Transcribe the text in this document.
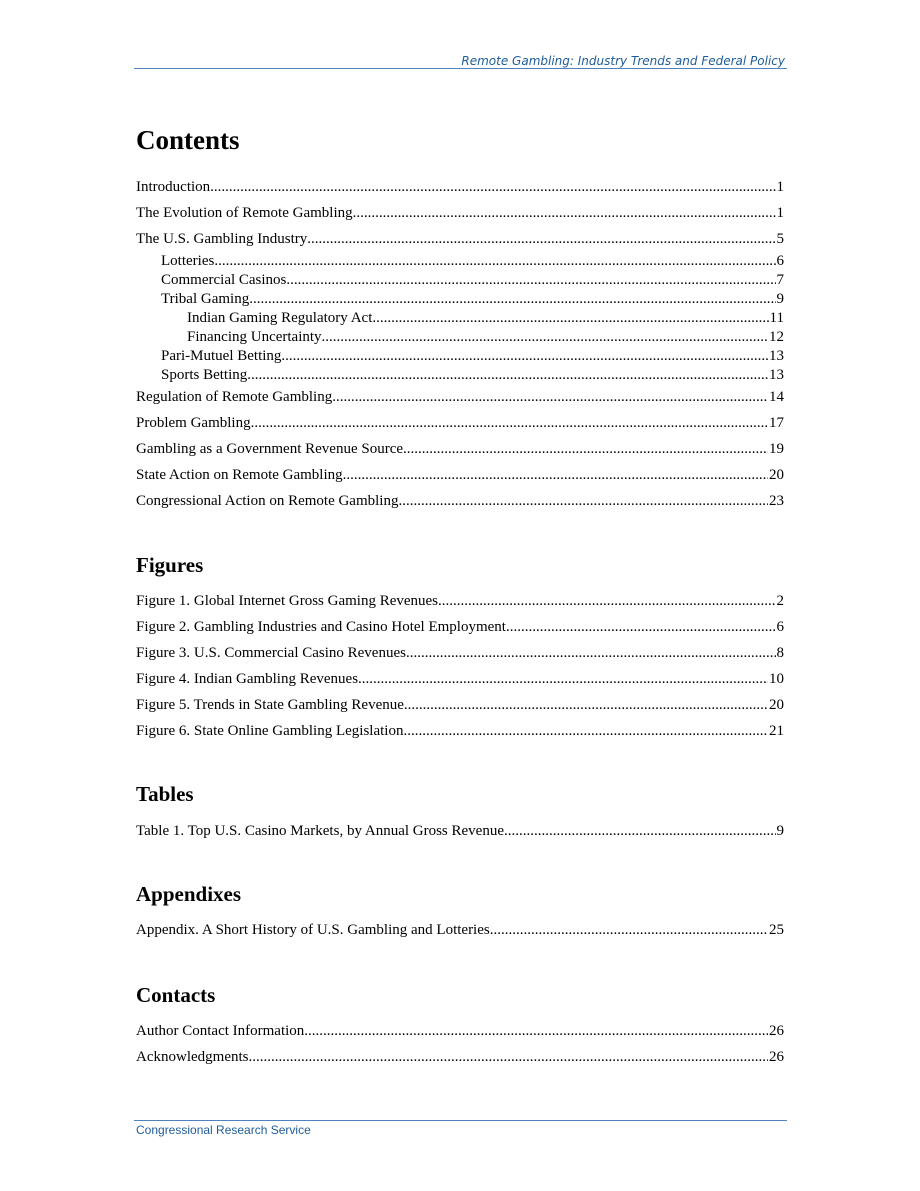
Remote Gambling: Industry Trends and Federal Policy
Contents
Introduction .....	1
The Evolution of Remote Gambling .....	1
The U.S. Gambling Industry .....	5
Lotteries .....	6
Commercial Casinos .....	7
Tribal Gaming .....	9
Indian Gaming Regulatory Act .....	11
Financing Uncertainty .....	12
Pari-Mutuel Betting .....	13
Sports Betting .....	13
Regulation of Remote Gambling .....	14
Problem Gambling .....	17
Gambling as a Government Revenue Source .....	19
State Action on Remote Gambling .....	20
Congressional Action on Remote Gambling .....	23
Figures
Figure 1. Global Internet Gross Gaming Revenues .....	2
Figure 2. Gambling Industries and Casino Hotel Employment .....	6
Figure 3. U.S. Commercial Casino Revenues .....	8
Figure 4. Indian Gambling Revenues .....	10
Figure 5. Trends in State Gambling Revenue .....	20
Figure 6. State Online Gambling Legislation .....	21
Tables
Table 1. Top U.S. Casino Markets, by Annual Gross Revenue .....	9
Appendixes
Appendix. A Short History of U.S. Gambling and Lotteries .....	25
Contacts
Author Contact Information .....	26
Acknowledgments .....	26
Congressional Research Service
